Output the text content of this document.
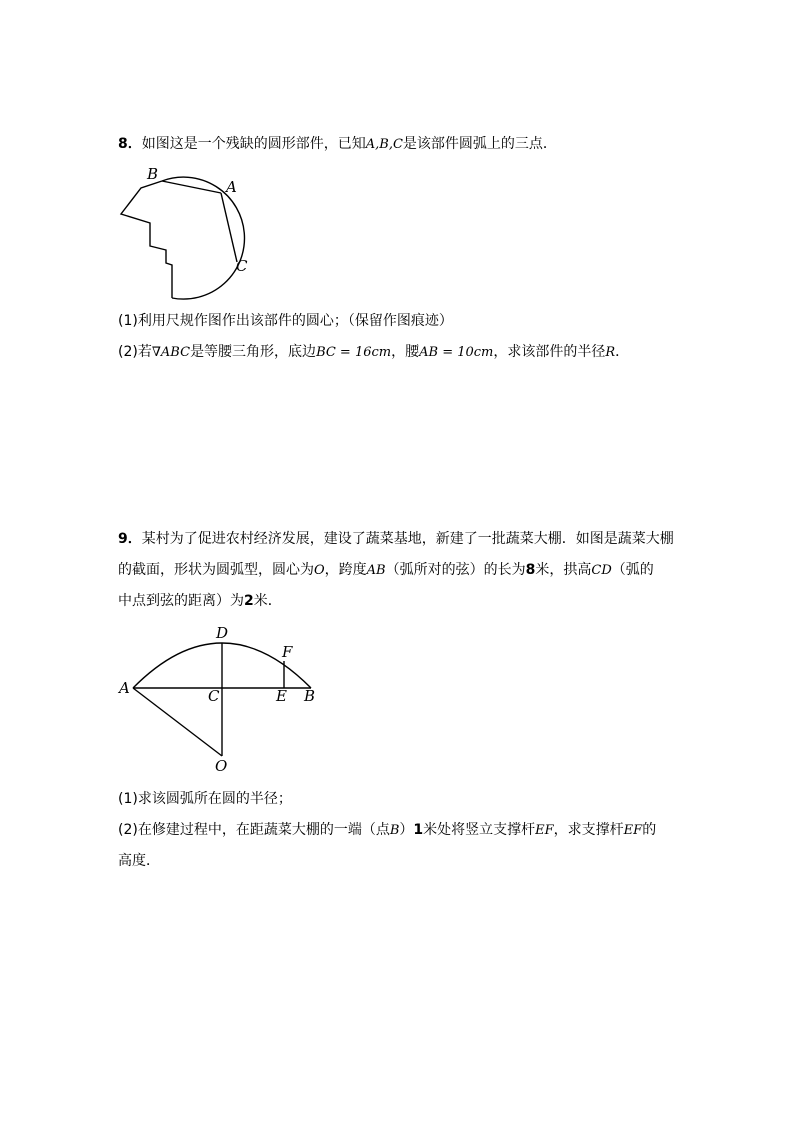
8．如图这是一个残缺的圆形部件，已知A,B,C是该部件圆弧上的三点．
B
A
C
(1)利用尺规作图作出该部件的圆心；（保留作图痕迹）
(2)若∇ABC是等腰三角形，底边BC = 16cm，腰AB = 10cm，求该部件的半径R．
9．某村为了促进农村经济发展，建设了蔬菜基地，新建了一批蔬菜大棚．如图是蔬菜大棚
的截面，形状为圆弧型，圆心为O，跨度AB（弧所对的弦）的长为8米，拱高CD（弧的
中点到弦的距离）为2米．
A	B
C
D
E
F
O
(1)求该圆弧所在圆的半径；
(2)在修建过程中，在距蔬菜大棚的一端（点B）1米处将竖立支撑杆EF，求支撑杆EF的
高度．
